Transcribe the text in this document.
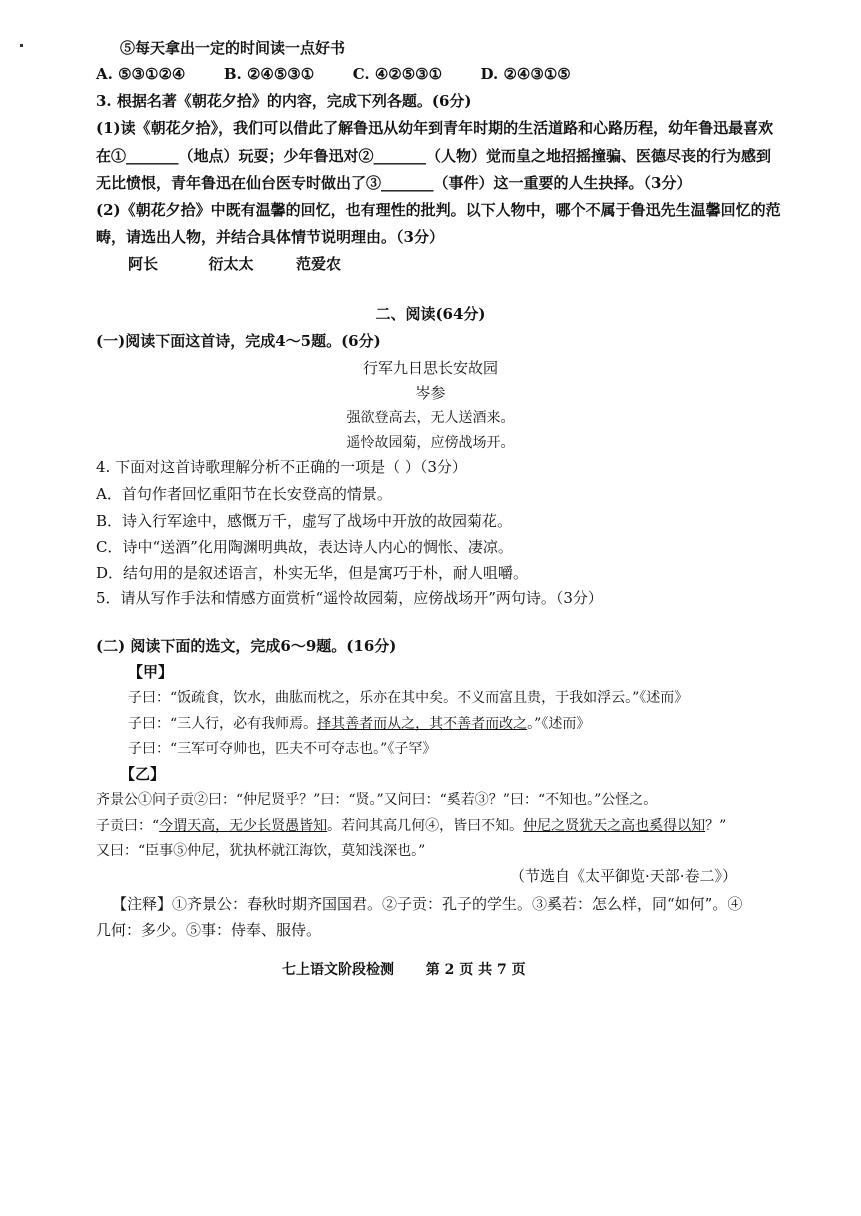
⑤每天拿出一定的时间读一点好书
A. ⑤③①②④	B. ②④⑤③①	C. ④②⑤③①	D. ②④③①⑤
3. 根据名著《朝花夕拾》的内容，完成下列各题。(6分)
(1)读《朝花夕拾》，我们可以借此了解鲁迅从幼年到青年时期的生活道路和心路历程，幼年鲁迅最喜欢
在①_______（地点）玩耍；少年鲁迅对②_______（人物）觉而皇之地招摇撞骗、医德尽丧的行为感到
无比愤恨，青年鲁迅在仙台医专时做出了③_______（事件）这一重要的人生抉择。（3分）
(2)《朝花夕拾》中既有温馨的回忆，也有理性的批判。以下人物中，哪个不属于鲁迅先生温馨回忆的范
畴，请选出人物，并结合具体情节说明理由。（3分）
阿长	衍太太	范爱农
二、阅读(64分)
(一)阅读下面这首诗，完成4～5题。(6分)
行军九日思长安故园
岑参
强欲登高去，无人送酒来。
遥怜故园菊，应傍战场开。
4. 下面对这首诗歌理解分析不正确的一项是（ ）（3分）
A．首句作者回忆重阳节在长安登高的情景。
B．诗入行军途中，感慨万千，虚写了战场中开放的故园菊花。
C．诗中“送酒”化用陶渊明典故，表达诗人内心的惆怅、凄凉。
D．结句用的是叙述语言，朴实无华，但是寓巧于朴，耐人咀嚼。
5．请从写作手法和情感方面赏析“遥怜故园菊，应傍战场开”两句诗。（3分）
(二) 阅读下面的选文，完成6～9题。(16分)
【甲】
子曰：“饭疏食，饮水，曲肱而枕之，乐亦在其中矣。不义而富且贵，于我如浮云。”《述而》
子曰：“三人行，必有我师焉。择其善者而从之，其不善者而改之。”《述而》
子曰：“三军可夺帅也，匹夫不可夺志也。”《子罕》
【乙】
齐景公①问子贡②曰：“仲尼贤乎？”曰：“贤。”又问曰：“奚若③？”曰：“不知也。”公怪之。
子贡曰：“今谓天高，无少长贤愚皆知。若问其高几何④，皆曰不知。仲尼之贤犹天之高也奚得以知？”
又曰：“臣事⑤仲尼，犹执杯就江海饮，莫知浅深也。”
（节选自《太平御览·天部·卷二》）
【注释】①齐景公：春秋时期齐国国君。②子贡：孔子的学生。③奚若：怎么样，同“如何”。④
几何：多少。⑤事：侍奉、服侍。
七上语文阶段检测 第 2 页 共 7 页
